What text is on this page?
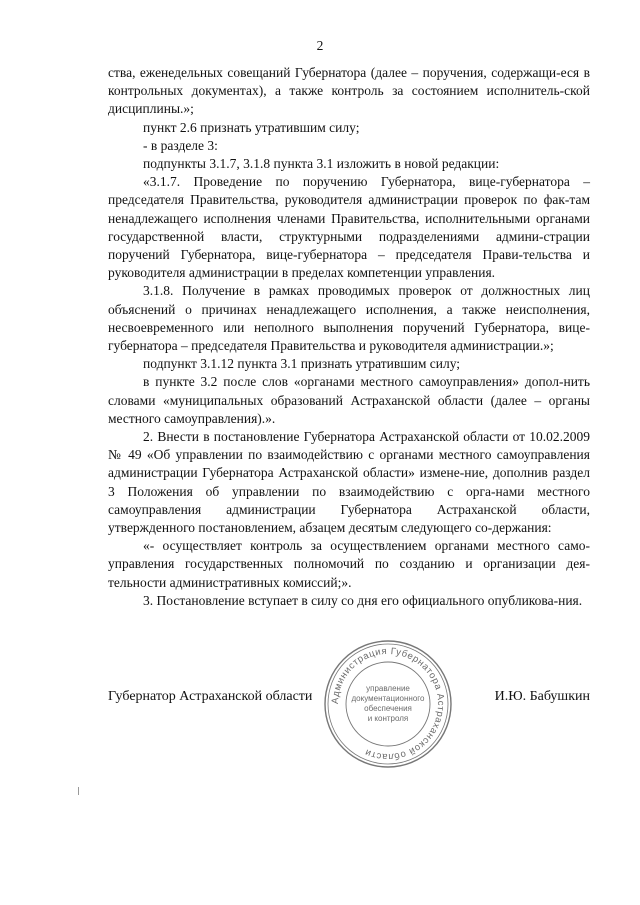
2

ства, еженедельных совещаний Губернатора (далее – поручения, содержащи-еся в контрольных документах), а также контроль за состоянием исполнитель-ской дисциплины.»;

пункт 2.6 признать утратившим силу;

- в разделе 3:

подпункты 3.1.7, 3.1.8 пункта 3.1 изложить в новой редакции:

«3.1.7. Проведение по поручению Губернатора, вице-губернатора – председателя Правительства, руководителя администрации проверок по фак-там ненадлежащего исполнения членами Правительства, исполнительными органами государственной власти, структурными подразделениями админи-страции поручений Губернатора, вице-губернатора – председателя Прави-тельства и руководителя администрации в пределах компетенции управления.

3.1.8. Получение в рамках проводимых проверок от должностных лиц объяснений о причинах ненадлежащего исполнения, а также неисполнения, несвоевременного или неполного выполнения поручений Губернатора, вице-губернатора – председателя Правительства и руководителя администрации.»;

подпункт 3.1.12 пункта 3.1 признать утратившим силу;

в пункте 3.2 после слов «органами местного самоуправления» допол-нить словами «муниципальных образований Астраханской области (далее – органы местного самоуправления).».

2. Внести в постановление Губернатора Астраханской области от 10.02.2009 № 49 «Об управлении по взаимодействию с органами местного самоуправления администрации Губернатора Астраханской области» измене-ние, дополнив раздел 3 Положения об управлении по взаимодействию с орга-нами местного самоуправления администрации Губернатора Астраханской области, утвержденного постановлением, абзацем десятым следующего со-держания:

«- осуществляет контроль за осуществлением органами местного само-управления государственных полномочий по созданию и организации дея-тельности административных комиссий;».

3. Постановление вступает в силу со дня его официального опубликова-ния.

Губернатор Астраханской области	И.Ю. Бабушкин
Администрация Губернатора Астраханской области
управление
документационного
обеспечения
и контроля
